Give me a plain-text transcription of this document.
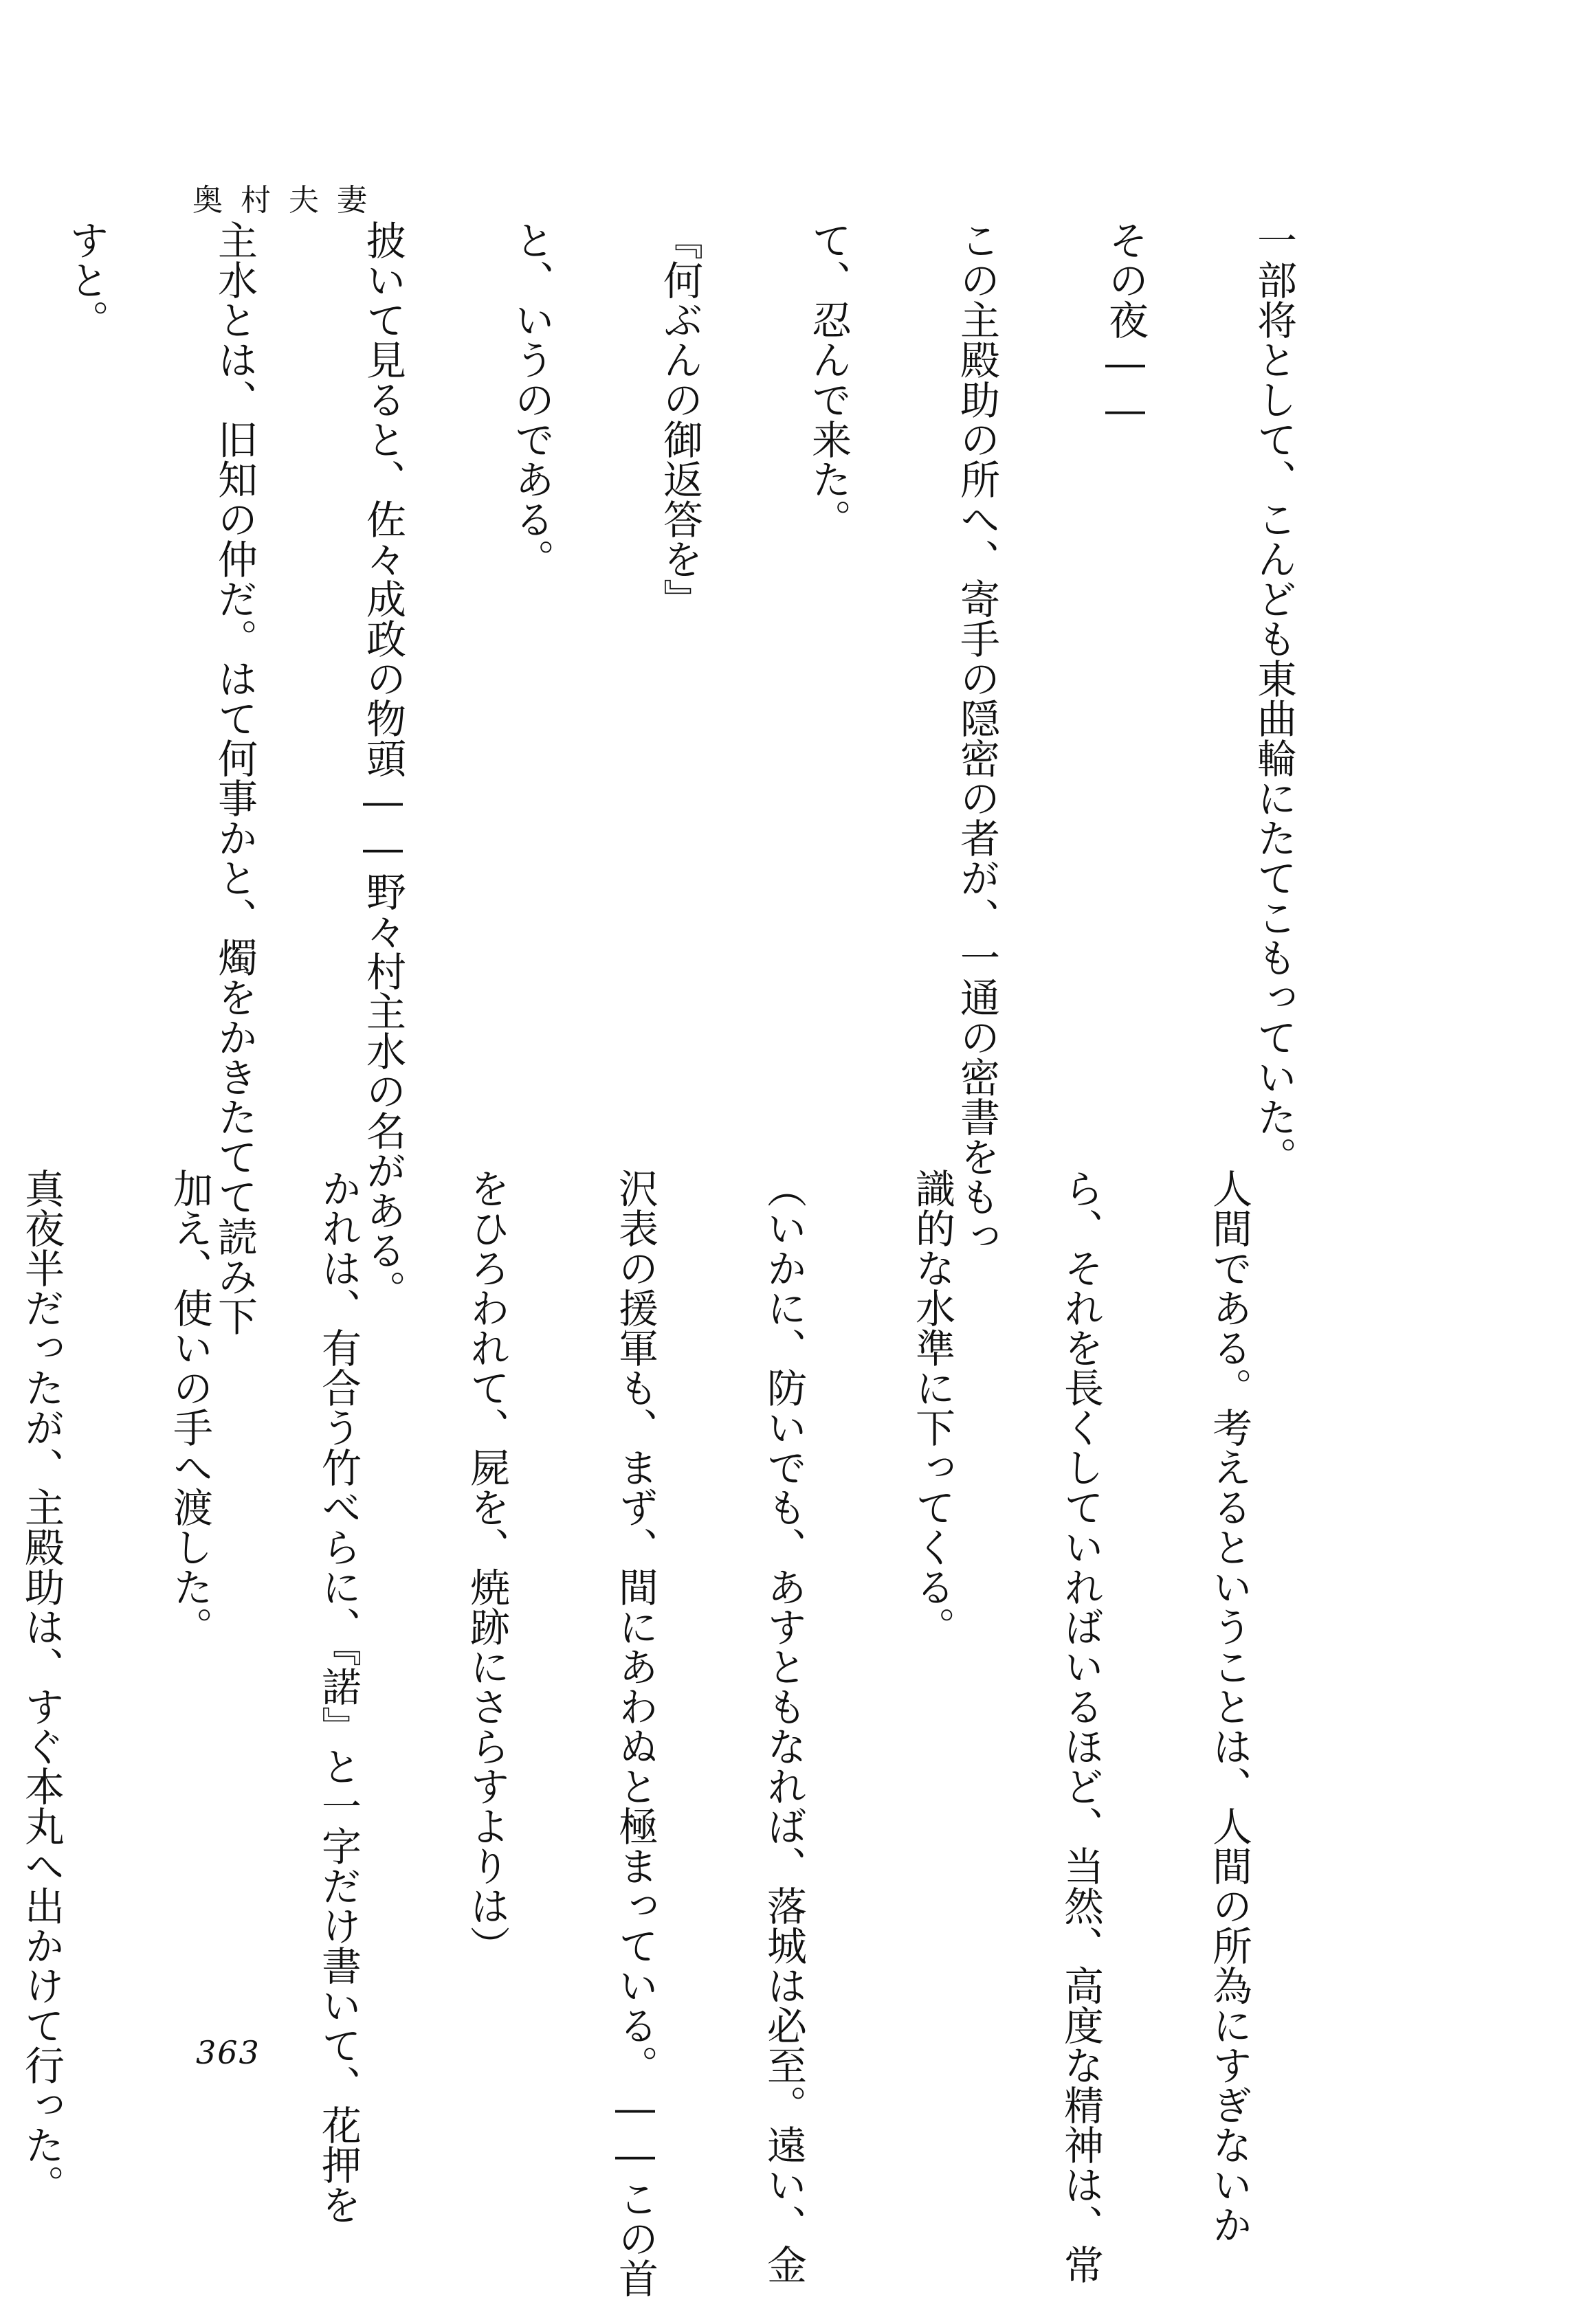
奥村夫妻

一部将として、こんども東曲輪にたてこもっていた。

その夜――

この主殿助の所へ、寄手の隠密の者が、一通の密書をもっ

て、忍んで来た。

『何ぶんの御返答を』

と、いうのである。

披いて見ると、佐々成政の物頭――野々村主水の名がある。

主水とは、旧知の仲だ。はて何事かと、燭をかきたてて読み下

すと。

人間である。考えるということは、人間の所為にすぎないか

ら、それを長くしていればいるほど、当然、高度な精神は、常

識的な水準に下ってくる。

（いかに、防いでも、あすともなれば、落城は必至。遠い、金

沢表の援軍も、まず、間にあわぬと極まっている。――この首

をひろわれて、屍を、焼跡にさらすよりは）

かれは、有合う竹べらに、『諾』と一字だけ書いて、花押を

加え、使いの手へ渡した。

真夜半だったが、主殿助は、すぐ本丸へ出かけて行った。

	363
